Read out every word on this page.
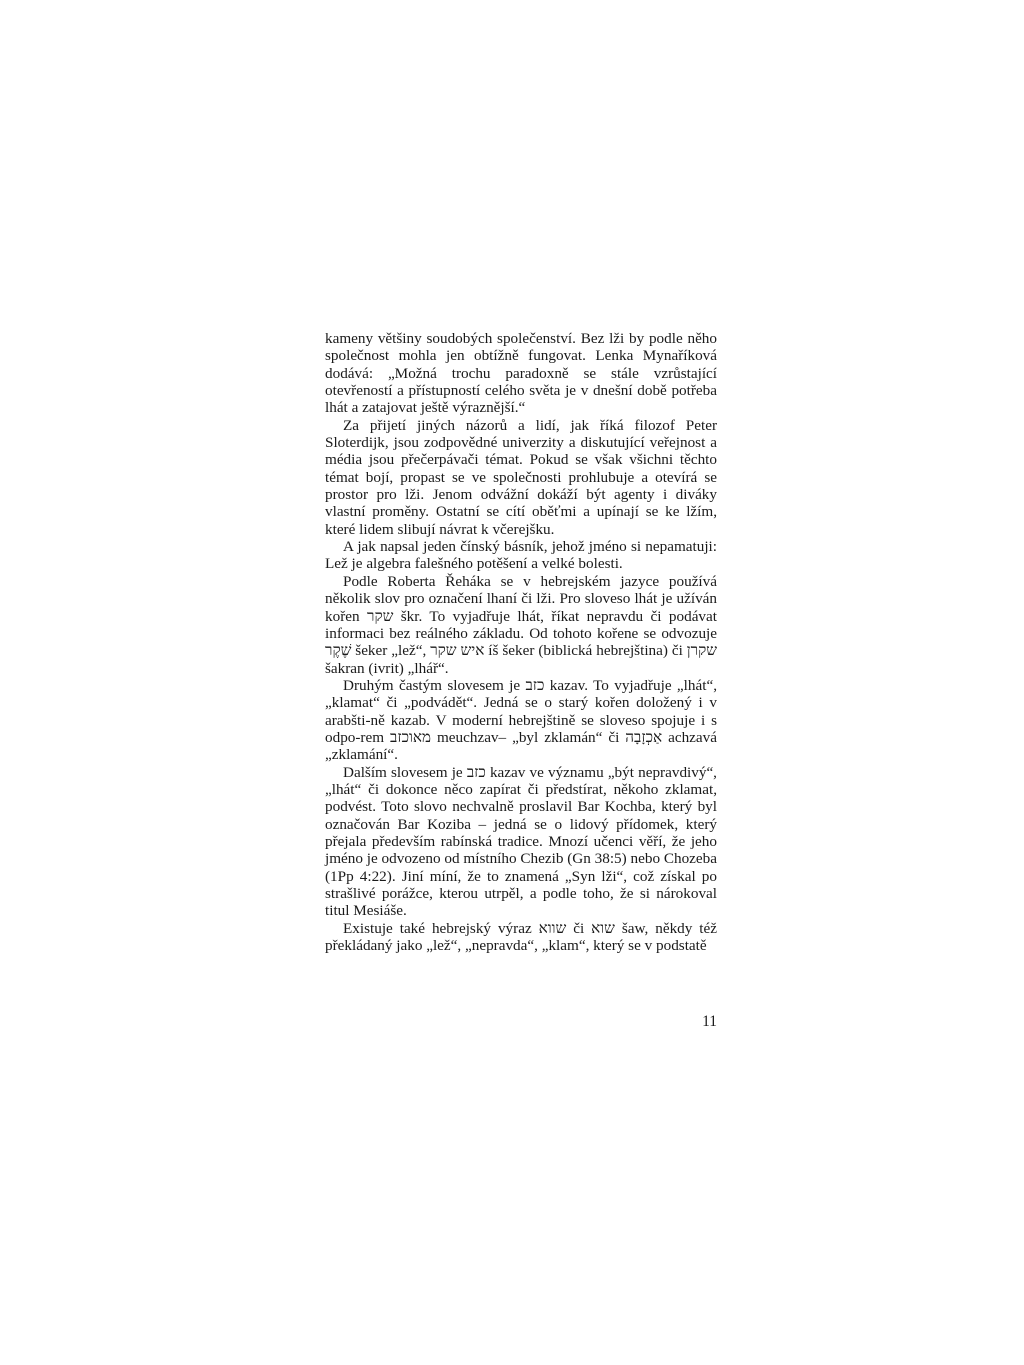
kameny většiny soudobých společenství. Bez lži by podle něho společnost mohla jen obtížně fungovat. Lenka Mynaříková dodává: „Možná trochu paradoxně se stále vzrůstající otevřeností a přístupností celého světa je v dnešní době potřeba lhát a zatajovat ještě výraznější.“

Za přijetí jiných názorů a lidí, jak říká filozof Peter Sloterdijk, jsou zodpovědné univerzity a diskutující veřejnost a média jsou přečerpávači témat. Pokud se však všichni těchto témat bojí, propast se ve společnosti prohlubuje a otevírá se prostor pro lži. Jenom odvážní dokáží být agenty i diváky vlastní proměny. Ostatní se cítí oběťmi a upínají se ke lžím, které lidem slibují návrat k včerejšku.

A jak napsal jeden čínský básník, jehož jméno si nepamatuji: Lež je algebra falešného potěšení a velké bolesti.

Podle Roberta Řeháka se v hebrejském jazyce používá několik slov pro označení lhaní či lži. Pro sloveso lhát je užíván kořen שקר škr. To vyjadřuje lhát, říkat nepravdu či podávat informaci bez reálného základu. Od tohoto kořene se odvozuje שֶׁקֶר šeker „lež“, איש שקר íš šeker (biblická hebrejština) či שקרן šakran (ivrit) „lhář“.

Druhým častým slovesem je כזב kazav. To vyjadřuje „lhát“, „klamat“ či „podvádět“. Jedná se o starý kořen doložený i v arabšti-ně kazab. V moderní hebrejštině se sloveso spojuje i s odpo-rem מאוכזב meuchzav– „byl zklamán“ či אַכְזָבָה achzavá „zklamání“.

Dalším slovesem je כזב kazav ve významu „být nepravdivý“, „lhát“ či dokonce něco zapírat či předstírat, někoho zklamat, podvést. Toto slovo nechvalně proslavil Bar Kochba, který byl označován Bar Koziba – jedná se o lidový přídomek, který přejala především rabínská tradice. Mnozí učenci věří, že jeho jméno je odvozeno od místního Chezib (Gn 38:5) nebo Chozeba (1Pp 4:22). Jiní míní, že to znamená „Syn lži“, což získal po strašlivé porážce, kterou utrpěl, a podle toho, že si nárokoval titul Mesiáše.

Existuje také hebrejský výraz שווא či שוא šaw, někdy též překládaný jako „lež“, „nepravda“, „klam“, který se v podstatě

11
